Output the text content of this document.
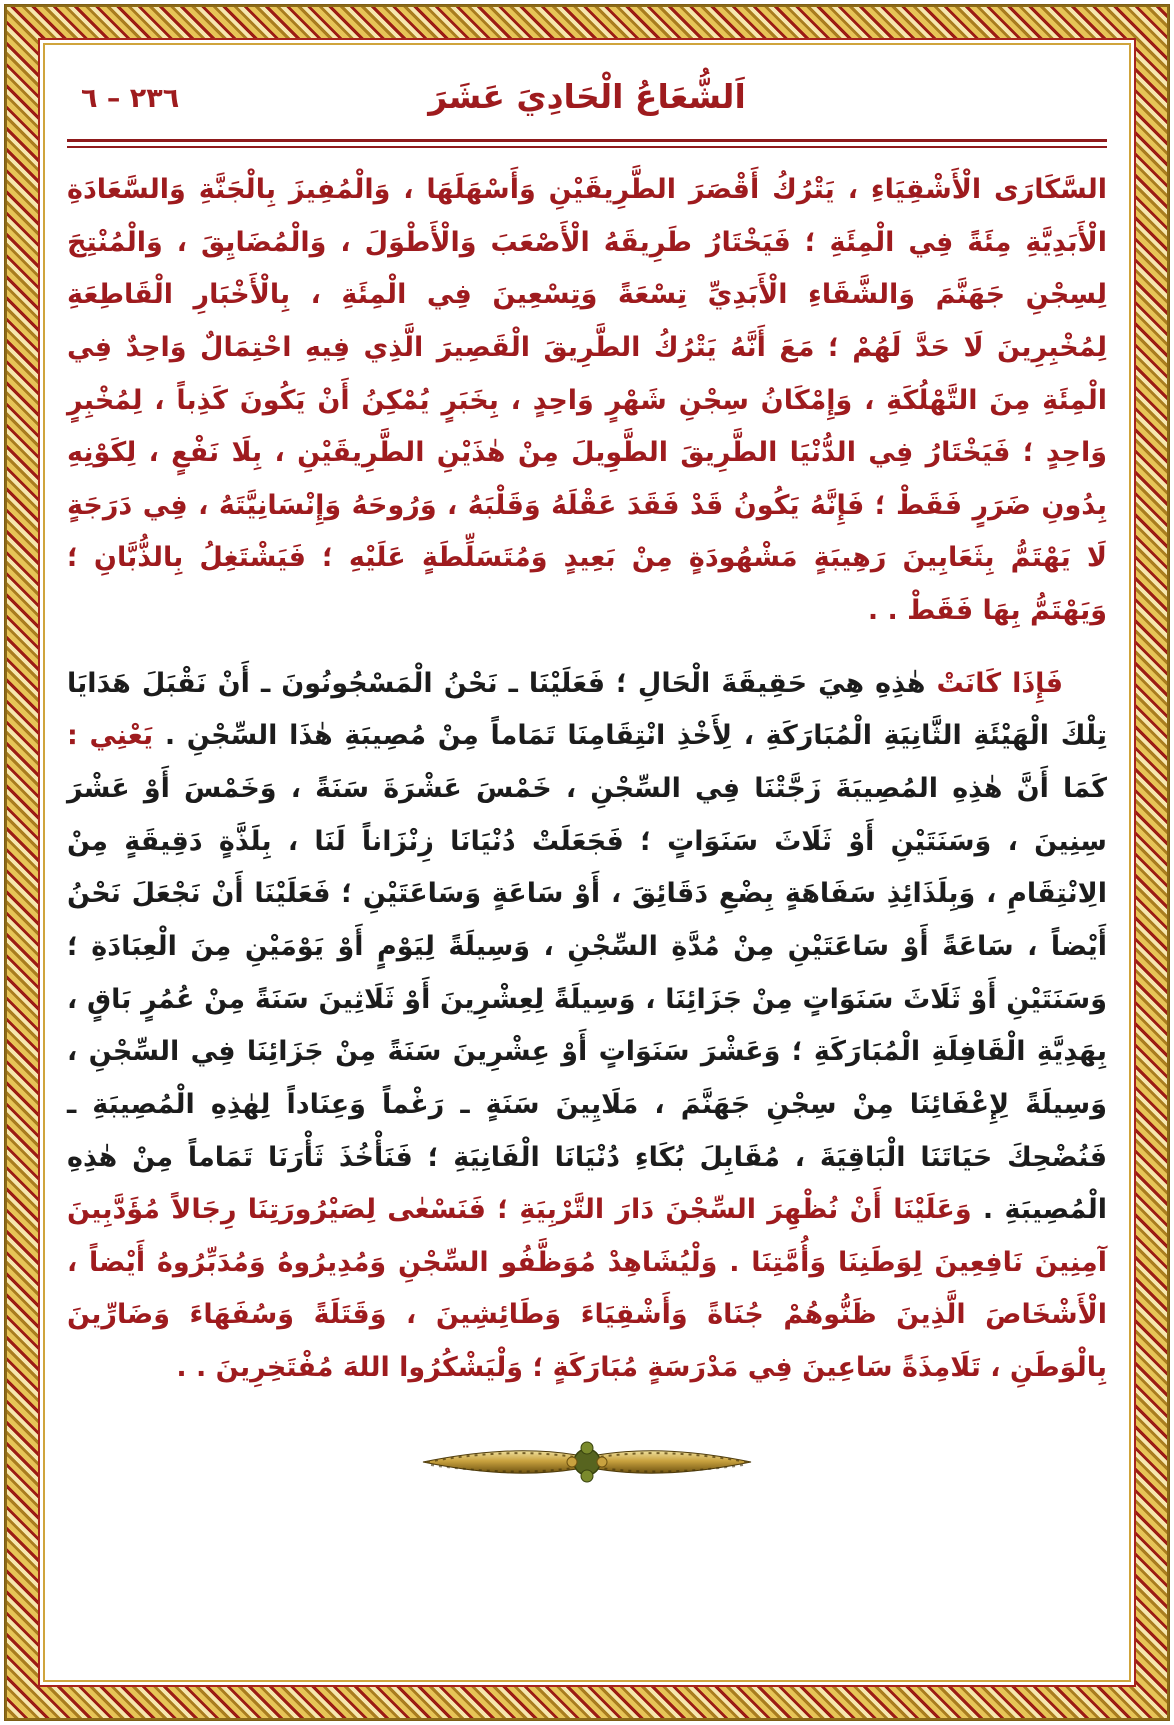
٢٣٦ – ٦	اَلشُّعَاعُ الْحَادِيَ عَشَرَ

السَّكَارَى الْأَشْقِيَاءِ ، يَتْرُكُ أَقْصَرَ الطَّرِيقَيْنِ وَأَسْهَلَهَا ، وَالْمُفِيزَ بِالْجَنَّةِ وَالسَّعَادَةِ الْأَبَدِيَّةِ مِئَةً فِي الْمِئَةِ ؛ فَيَخْتَارُ طَرِيقَهُ الْأَصْعَبَ وَالْأَطْوَلَ ، وَالْمُضَايِقَ ، وَالْمُنْتِجَ لِسِجْنِ جَهَنَّمَ وَالشَّقَاءِ الْأَبَدِيِّ تِسْعَةً وَتِسْعِينَ فِي الْمِئَةِ ، بِالْأَخْبَارِ الْقَاطِعَةِ لِمُخْبِرِينَ لَا حَدَّ لَهُمْ ؛ مَعَ أَنَّهُ يَتْرُكُ الطَّرِيقَ الْقَصِيرَ الَّذِي فِيهِ احْتِمَالٌ وَاحِدٌ فِي الْمِئَةِ مِنَ التَّهْلُكَةِ ، وَإِمْكَانُ سِجْنِ شَهْرٍ وَاحِدٍ ، بِخَبَرٍ يُمْكِنُ أَنْ يَكُونَ كَذِباً ، لِمُخْبِرٍ وَاحِدٍ ؛ فَيَخْتَارُ فِي الدُّنْيَا الطَّرِيقَ الطَّوِيلَ مِنْ هٰذَيْنِ الطَّرِيقَيْنِ ، بِلَا نَفْعٍ ، لِكَوْنِهِ بِدُونِ ضَرَرٍ فَقَطْ ؛ فَإِنَّهُ يَكُونُ قَدْ فَقَدَ عَقْلَهُ وَقَلْبَهُ ، وَرُوحَهُ وَإِنْسَانِيَّتَهُ ، فِي دَرَجَةٍ لَا يَهْتَمُّ بِثَعَابِينَ رَهِيبَةٍ مَشْهُودَةٍ مِنْ بَعِيدٍ وَمُتَسَلِّطَةٍ عَلَيْهِ ؛ فَيَشْتَغِلُ بِالذُّبَّانِ ؛ وَيَهْتَمُّ بِهَا فَقَطْ . .

فَإِذَا كَانَتْ هٰذِهِ هِيَ حَقِيقَةَ الْحَالِ ؛ فَعَلَيْنَا ـ نَحْنُ الْمَسْجُونُونَ ـ أَنْ نَقْبَلَ هَدَايَا تِلْكَ الْهَيْئَةِ الثَّانِيَةِ الْمُبَارَكَةِ ، لِأَخْذِ انْتِقَامِنَا تَمَاماً مِنْ مُصِيبَةِ هٰذَا السِّجْنِ . يَعْنِي : كَمَا أَنَّ هٰذِهِ المُصِيبَةَ زَجَّتْنَا فِي السِّجْنِ ، خَمْسَ عَشْرَةَ سَنَةً ، وَخَمْسَ أَوْ عَشْرَ سِنِينَ ، وَسَنَتَيْنِ أَوْ ثَلَاثَ سَنَوَاتٍ ؛ فَجَعَلَتْ دُنْيَانَا زِنْزَاناً لَنَا ، بِلَذَّةٍ دَقِيقَةٍ مِنْ الِانْتِقَامِ ، وَبِلَذَائِذِ سَفَاهَةٍ بِضْعِ دَقَائِقَ ، أَوْ سَاعَةٍ وَسَاعَتَيْنِ ؛ فَعَلَيْنَا أَنْ نَجْعَلَ نَحْنُ أَيْضاً ، سَاعَةً أَوْ سَاعَتَيْنِ مِنْ مُدَّةِ السِّجْنِ ، وَسِيلَةً لِيَوْمٍ أَوْ يَوْمَيْنِ مِنَ الْعِبَادَةِ ؛ وَسَنَتَيْنِ أَوْ ثَلَاثَ سَنَوَاتٍ مِنْ جَزَائِنَا ، وَسِيلَةً لِعِشْرِينَ أَوْ ثَلَاثِينَ سَنَةً مِنْ عُمُرٍ بَاقٍ ، بِهَدِيَّةِ الْقَافِلَةِ الْمُبَارَكَةِ ؛ وَعَشْرَ سَنَوَاتٍ أَوْ عِشْرِينَ سَنَةً مِنْ جَزَائِنَا فِي السِّجْنِ ، وَسِيلَةً لِإِعْفَائِنَا مِنْ سِجْنِ جَهَنَّمَ ، مَلَايِينَ سَنَةٍ ـ رَغْماً وَعِنَاداً لِهٰذِهِ الْمُصِيبَةِ ـ فَنُضْحِكَ حَيَاتَنَا الْبَاقِيَةَ ، مُقَابِلَ بُكَاءِ دُنْيَانَا الْفَانِيَةِ ؛ فَنَأْخُذَ ثَأْرَنَا تَمَاماً مِنْ هٰذِهِ الْمُصِيبَةِ . وَعَلَيْنَا أَنْ نُظْهِرَ السِّجْنَ دَارَ التَّرْبِيَةِ ؛ فَنَسْعٰى لِصَيْرُورَتِنَا رِجَالاً مُؤَدَّبِينَ آمِنِينَ نَافِعِينَ لِوَطَنِنَا وَأُمَّتِنَا . وَلْيُشَاهِدْ مُوَظَّفُو السِّجْنِ وَمُدِيرُوهُ وَمُدَبِّرُوهُ أَيْضاً ، الْأَشْخَاصَ الَّذِينَ ظَنُّوهُمْ جُنَاةً وَأَشْقِيَاءَ وَطَائِشِينَ ، وَقَتَلَةً وَسُفَهَاءَ وَضَارِّينَ بِالْوَطَنِ ، تَلَامِذَةً سَاعِينَ فِي مَدْرَسَةٍ مُبَارَكَةٍ ؛ وَلْيَشْكُرُوا اللهَ مُفْتَخِرِينَ . .
